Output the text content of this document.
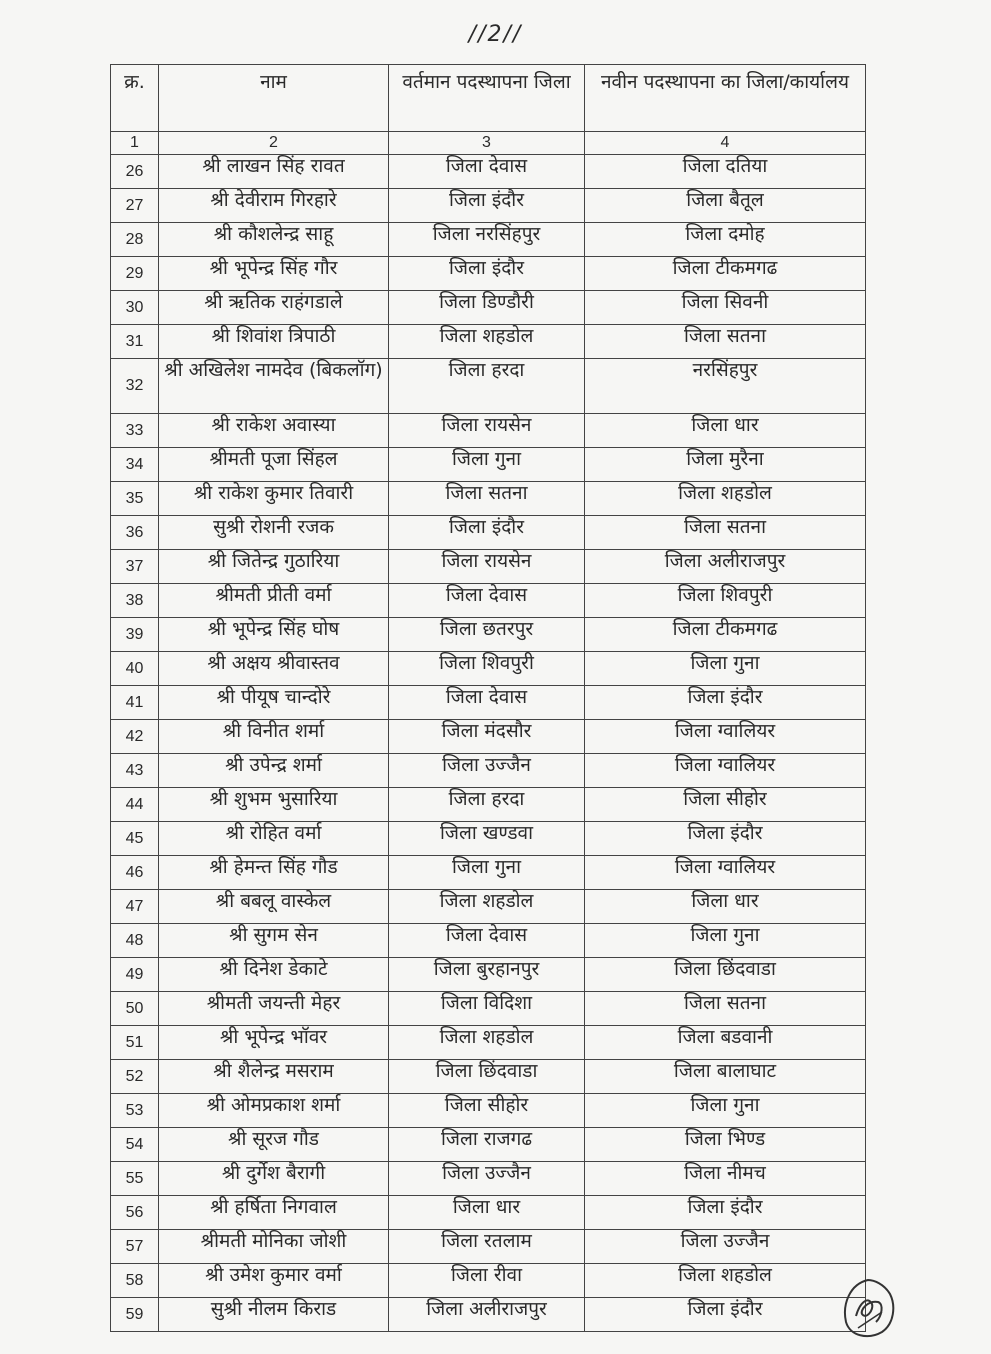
//2//
क्र.	नाम	वर्तमान पदस्थापना जिला	नवीन पदस्थापना का जिला/कार्यालय
1	2	3	4
26	श्री लाखन सिंह रावत	जिला देवास	जिला दतिया
27	श्री देवीराम गिरहारे	जिला इंदौर	जिला बैतूल
28	श्री कौशलेन्द्र साहू	जिला नरसिंहपुर	जिला दमोह
29	श्री भूपेन्द्र सिंह गौर	जिला इंदौर	जिला टीकमगढ
30	श्री ऋतिक राहंगडाले	जिला डिण्डौरी	जिला सिवनी
31	श्री शिवांश त्रिपाठी	जिला शहडोल	जिला सतना
32	श्री अखिलेश नामदेव (बिकलॉग)	जिला हरदा	नरसिंहपुर
33	श्री राकेश अवास्या	जिला रायसेन	जिला धार
34	श्रीमती पूजा सिंहल	जिला गुना	जिला मुरैना
35	श्री राकेश कुमार तिवारी	जिला सतना	जिला शहडोल
36	सुश्री रोशनी रजक	जिला इंदौर	जिला सतना
37	श्री जितेन्द्र गुठारिया	जिला रायसेन	जिला अलीराजपुर
38	श्रीमती प्रीती वर्मा	जिला देवास	जिला शिवपुरी
39	श्री भूपेन्द्र सिंह घोष	जिला छतरपुर	जिला टीकमगढ
40	श्री अक्षय श्रीवास्तव	जिला शिवपुरी	जिला गुना
41	श्री पीयूष चान्दोरे	जिला देवास	जिला इंदौर
42	श्री विनीत शर्मा	जिला मंदसौर	जिला ग्वालियर
43	श्री उपेन्द्र शर्मा	जिला उज्जैन	जिला ग्वालियर
44	श्री शुभम भुसारिया	जिला हरदा	जिला सीहोर
45	श्री रोहित वर्मा	जिला खण्डवा	जिला इंदौर
46	श्री हेमन्त सिंह गौड	जिला गुना	जिला ग्वालियर
47	श्री बबलू वास्केल	जिला शहडोल	जिला धार
48	श्री सुगम सेन	जिला देवास	जिला गुना
49	श्री दिनेश डेकाटे	जिला बुरहानपुर	जिला छिंदवाडा
50	श्रीमती जयन्ती मेहर	जिला विदिशा	जिला सतना
51	श्री भूपेन्द्र भॉवर	जिला शहडोल	जिला बडवानी
52	श्री शैलेन्द्र मसराम	जिला छिंदवाडा	जिला बालाघाट
53	श्री ओमप्रकाश शर्मा	जिला सीहोर	जिला गुना
54	श्री सूरज गौड	जिला राजगढ	जिला भिण्ड
55	श्री दुर्गेश बैरागी	जिला उज्जैन	जिला नीमच
56	श्री हर्षिता निगवाल	जिला धार	जिला इंदौर
57	श्रीमती मोनिका जोशी	जिला रतलाम	जिला उज्जैन
58	श्री उमेश कुमार वर्मा	जिला रीवा	जिला शहडोल
59	सुश्री नीलम किराड	जिला अलीराजपुर	जिला इंदौर
